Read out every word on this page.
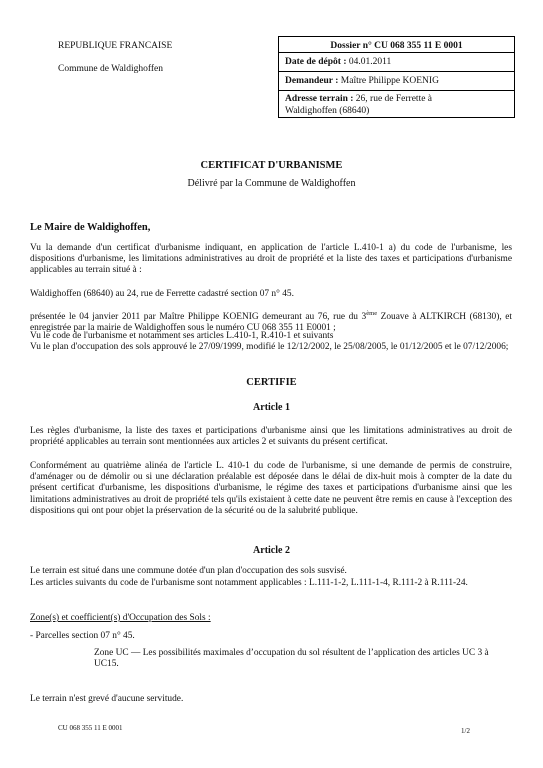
REPUBLIQUE FRANCAISE
Commune de Waldighoffen
Dossier n° CU 068 355 11 E 0001
Date de dépôt : 04.01.2011
Demandeur : Maître Philippe KOENIG
Adresse terrain : 26, rue de Ferrette à
Waldighoffen (68640)
CERTIFICAT D'URBANISME
Délivré par la Commune de Waldighoffen
Le Maire de Waldighoffen,
Vu la demande d'un certificat d'urbanisme indiquant, en application de l'article L.410-1 a) du code de l'urbanisme, les dispositions d'urbanisme, les limitations administratives au droit de propriété et la liste des taxes et participations d'urbanisme applicables au terrain situé à :
Waldighoffen (68640) au 24, rue de Ferrette cadastré section 07 n° 45.
présentée le 04 janvier 2011 par Maître Philippe KOENIG demeurant au 76, rue du 3ème Zouave à ALTKIRCH (68130), et enregistrée par la mairie de Waldighoffen sous le numéro CU 068 355 11 E0001 ;
Vu le code de l'urbanisme et notamment ses articles L.410-1, R.410-1 et suivants
Vu le plan d'occupation des sols approuvé le 27/09/1999, modifié le 12/12/2002, le 25/08/2005, le 01/12/2005 et le 07/12/2006;
CERTIFIE
Article 1
Les règles d'urbanisme, la liste des taxes et participations d'urbanisme ainsi que les limitations administratives au droit de propriété applicables au terrain sont mentionnées aux articles 2 et suivants du présent certificat.
Conformément au quatrième alinéa de l'article L. 410-1 du code de l'urbanisme, si une demande de permis de construire, d'aménager ou de démolir ou si une déclaration préalable est déposée dans le délai de dix-huit mois à compter de la date du présent certificat d'urbanisme, les dispositions d'urbanisme, le régime des taxes et participations d'urbanisme ainsi que les limitations administratives au droit de propriété tels qu'ils existaient à cette date ne peuvent être remis en cause à l'exception des dispositions qui ont pour objet la préservation de la sécurité ou de la salubrité publique.
Article 2
Le terrain est situé dans une commune dotée d'un plan d'occupation des sols susvisé.
Les articles suivants du code de l'urbanisme sont notamment applicables : L.111-1-2, L.111-1-4, R.111-2 à R.111-24.
Zone(s) et coefficient(s) d'Occupation des Sols :
- Parcelles section 07 n° 45.
Zone UC — Les possibilités maximales d’occupation du sol résultent de l’application des articles UC 3 à UC15.
Le terrain n'est grevé d'aucune servitude.
CU 068 355 11 E 0001	1/2
